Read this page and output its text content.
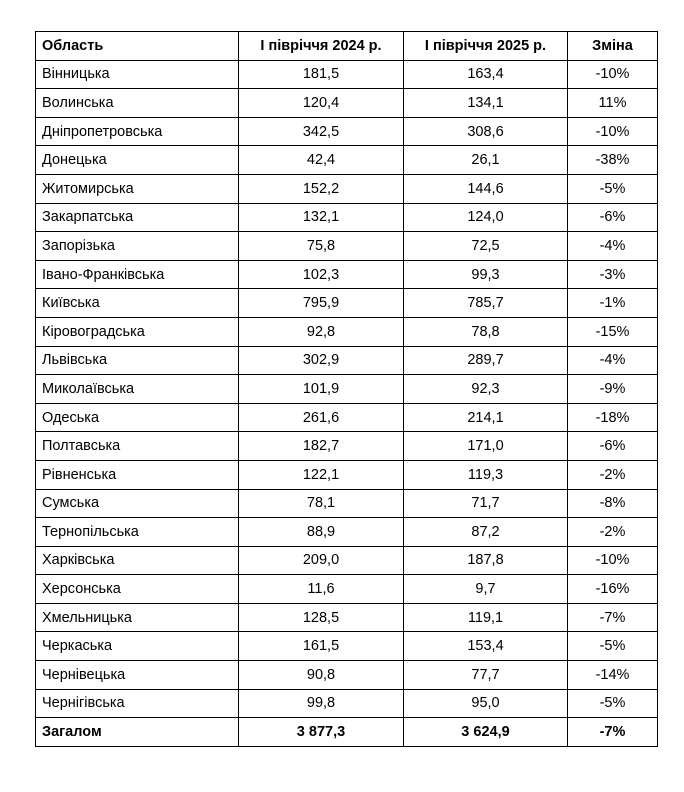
Область	І півріччя 2024 р.	І півріччя 2025 р.	Зміна
Вінницька	181,5	163,4	-10%
Волинська	120,4	134,1	11%
Дніпропетровська	342,5	308,6	-10%
Донецька	42,4	26,1	-38%
Житомирська	152,2	144,6	-5%
Закарпатська	132,1	124,0	-6%
Запорізька	75,8	72,5	-4%
Івано-Франківська	102,3	99,3	-3%
Київська	795,9	785,7	-1%
Кіровоградська	92,8	78,8	-15%
Львівська	302,9	289,7	-4%
Миколаївська	101,9	92,3	-9%
Одеська	261,6	214,1	-18%
Полтавська	182,7	171,0	-6%
Рівненська	122,1	119,3	-2%
Сумська	78,1	71,7	-8%
Тернопільська	88,9	87,2	-2%
Харківська	209,0	187,8	-10%
Херсонська	11,6	9,7	-16%
Хмельницька	128,5	119,1	-7%
Черкаська	161,5	153,4	-5%
Чернівецька	90,8	77,7	-14%
Чернігівська	99,8	95,0	-5%
Загалом	3 877,3	3 624,9	-7%
